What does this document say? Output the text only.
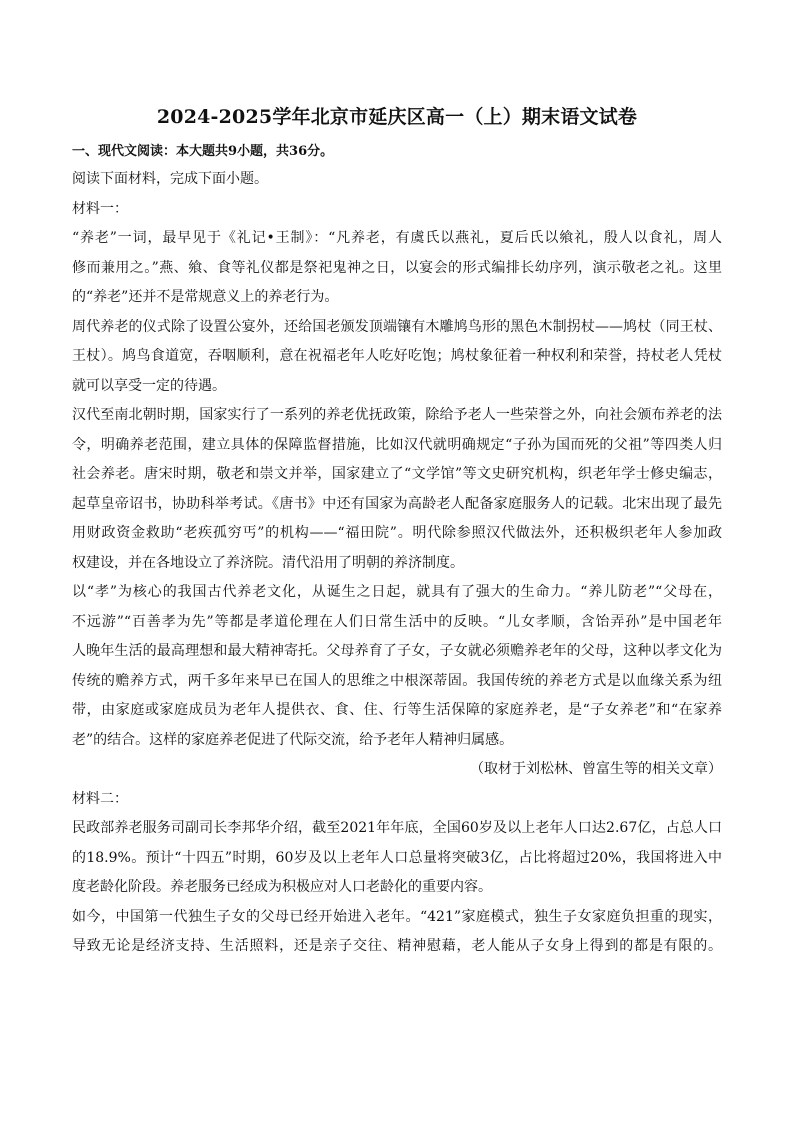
2024-2025学年北京市延庆区高一（上）期末语文试卷
一、现代文阅读：本大题共9小题，共36分。
阅读下面材料，完成下面小题。
材料一：
“养老”一词，最早见于《礼记•王制》：“凡养老，有虞氏以燕礼，夏后氏以飨礼，殷人以食礼，周人
修而兼用之。”燕、飨、食等礼仪都是祭祀鬼神之日，以宴会的形式编排长幼序列，演示敬老之礼。这里
的“养老”还并不是常规意义上的养老行为。
周代养老的仪式除了设置公宴外，还给国老颁发顶端镶有木雕鸠鸟形的黑色木制拐杖——鸠杖（同王杖、
王杖）。鸠鸟食道宽，吞咽顺利，意在祝福老年人吃好吃饱；鸠杖象征着一种权利和荣誉，持杖老人凭杖
就可以享受一定的待遇。
汉代至南北朝时期，国家实行了一系列的养老优抚政策，除给予老人一些荣誉之外，向社会颁布养老的法
令，明确养老范围，建立具体的保障监督措施，比如汉代就明确规定“子孙为国而死的父祖”等四类人归
社会养老。唐宋时期，敬老和崇文并举，国家建立了“文学馆”等文史研究机构，织老年学士修史编志，
起草皇帝诏书，协助科举考试。《唐书》中还有国家为高龄老人配备家庭服务人的记载。北宋出现了最先
用财政资金救助“老疾孤穷丐”的机构——“福田院”。明代除参照汉代做法外，还积极织老年人参加政
权建设，并在各地设立了养济院。清代沿用了明朝的养济制度。
以“孝”为核心的我国古代养老文化，从诞生之日起，就具有了强大的生命力。“养儿防老”“父母在，
不远游”“百善孝为先”等都是孝道伦理在人们日常生活中的反映。“儿女孝顺，含饴弄孙”是中国老年
人晚年生活的最高理想和最大精神寄托。父母养育了子女，子女就必须赡养老年的父母，这种以孝文化为
传统的赡养方式，两千多年来早已在国人的思维之中根深蒂固。我国传统的养老方式是以血缘关系为纽
带，由家庭或家庭成员为老年人提供衣、食、住、行等生活保障的家庭养老，是“子女养老”和“在家养
老”的结合。这样的家庭养老促进了代际交流，给予老年人精神归属感。
（取材于刘松林、曾富生等的相关文章）
材料二：
民政部养老服务司副司长李邦华介绍，截至2021年年底，全国60岁及以上老年人口达2.67亿，占总人口
的18.9%。预计“十四五”时期，60岁及以上老年人口总量将突破3亿，占比将超过20%，我国将进入中
度老龄化阶段。养老服务已经成为积极应对人口老龄化的重要内容。
如今，中国第一代独生子女的父母已经开始进入老年。“421”家庭模式，独生子女家庭负担重的现实，
导致无论是经济支持、生活照料，还是亲子交往、精神慰藉，老人能从子女身上得到的都是有限的。
